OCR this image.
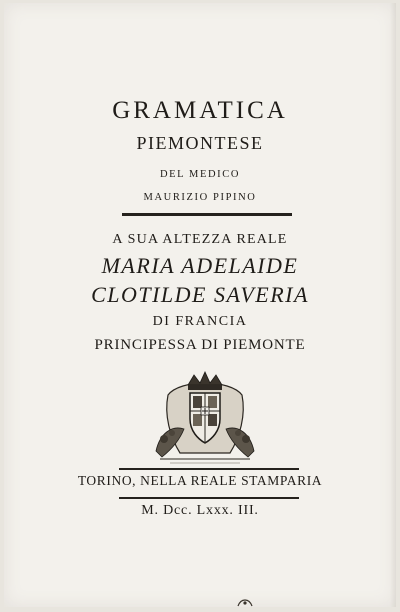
GRAMATICA
PIEMONTESE
DEL MEDICO
MAURIZIO PIPINO
A SUA ALTEZZA REALE
MARIA ADELAIDE
CLOTILDE SAVERIA
DI FRANCIA
PRINCIPESSA DI PIEMONTE
TORINO, NELLA REALE STAMPARIA
M. Dcc. Lxxx. III.
